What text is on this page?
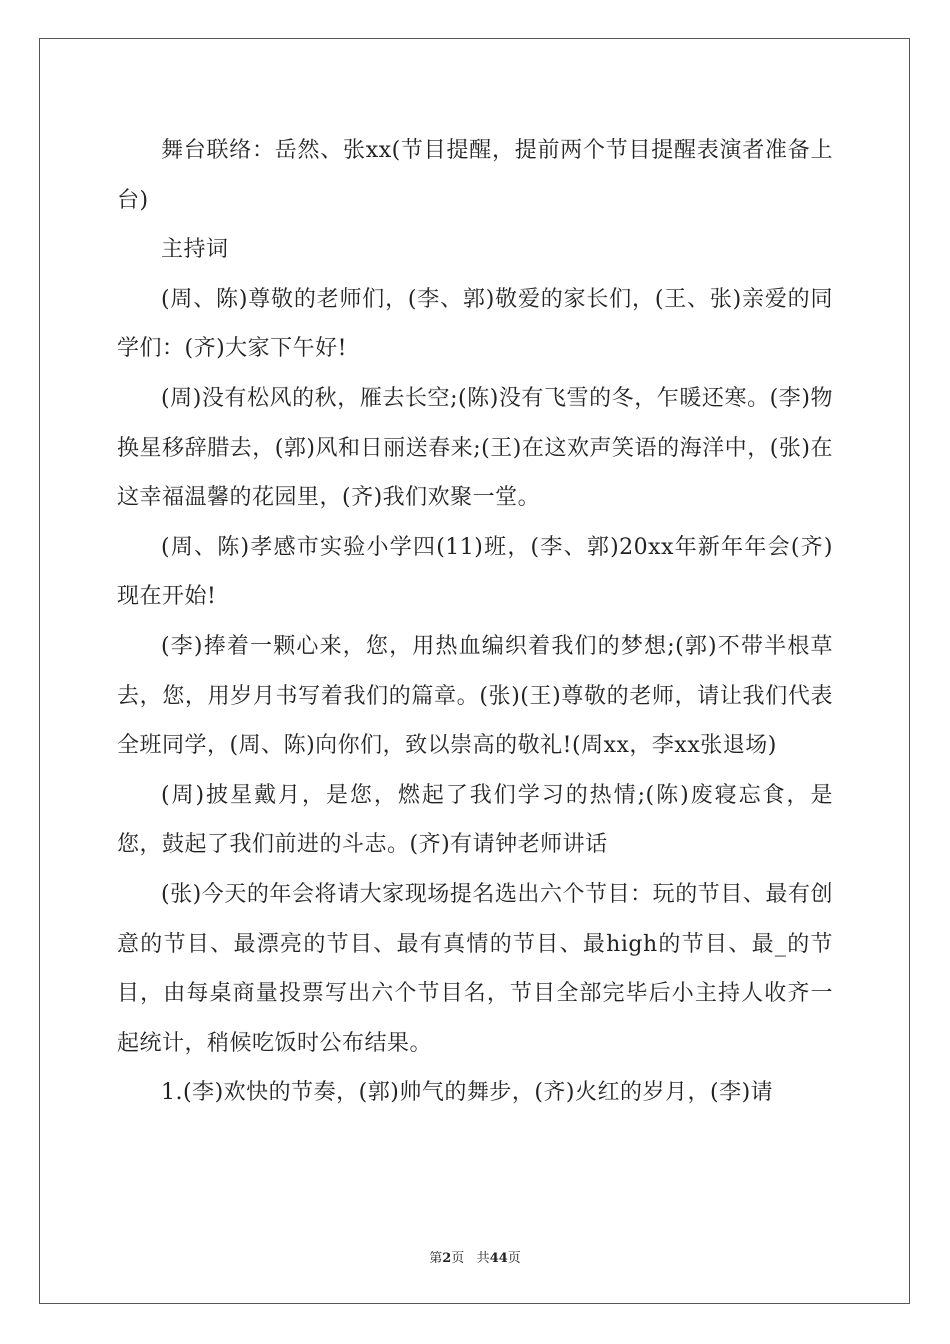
舞台联络：岳然、张xx(节目提醒，提前两个节目提醒表演者准备上台)

主持词

(周、陈)尊敬的老师们，(李、郭)敬爱的家长们，(王、张)亲爱的同学们：(齐)大家下午好!

(周)没有松风的秋，雁去长空;(陈)没有飞雪的冬，乍暖还寒。(李)物换星移辞腊去，(郭)风和日丽送春来;(王)在这欢声笑语的海洋中，(张)在这幸福温馨的花园里，(齐)我们欢聚一堂。

(周、陈)孝感市实验小学四(11)班，(李、郭)20xx年新年年会(齐)现在开始!

(李)捧着一颗心来，您，用热血编织着我们的梦想;(郭)不带半根草去，您，用岁月书写着我们的篇章。(张)(王)尊敬的老师，请让我们代表全班同学，(周、陈)向你们，致以崇高的敬礼!(周xx，李xx张退场)

(周)披星戴月，是您，燃起了我们学习的热情;(陈)废寝忘食，是您，鼓起了我们前进的斗志。(齐)有请钟老师讲话

(张)今天的年会将请大家现场提名选出六个节目：玩的节目、最有创意的节目、最漂亮的节目、最有真情的节目、最high的节目、最_的节目，由每桌商量投票写出六个节目名，节目全部完毕后小主持人收齐一起统计，稍候吃饭时公布结果。

1.(李)欢快的节奏，(郭)帅气的舞步，(齐)火红的岁月，(李)请

第2页 共44页
